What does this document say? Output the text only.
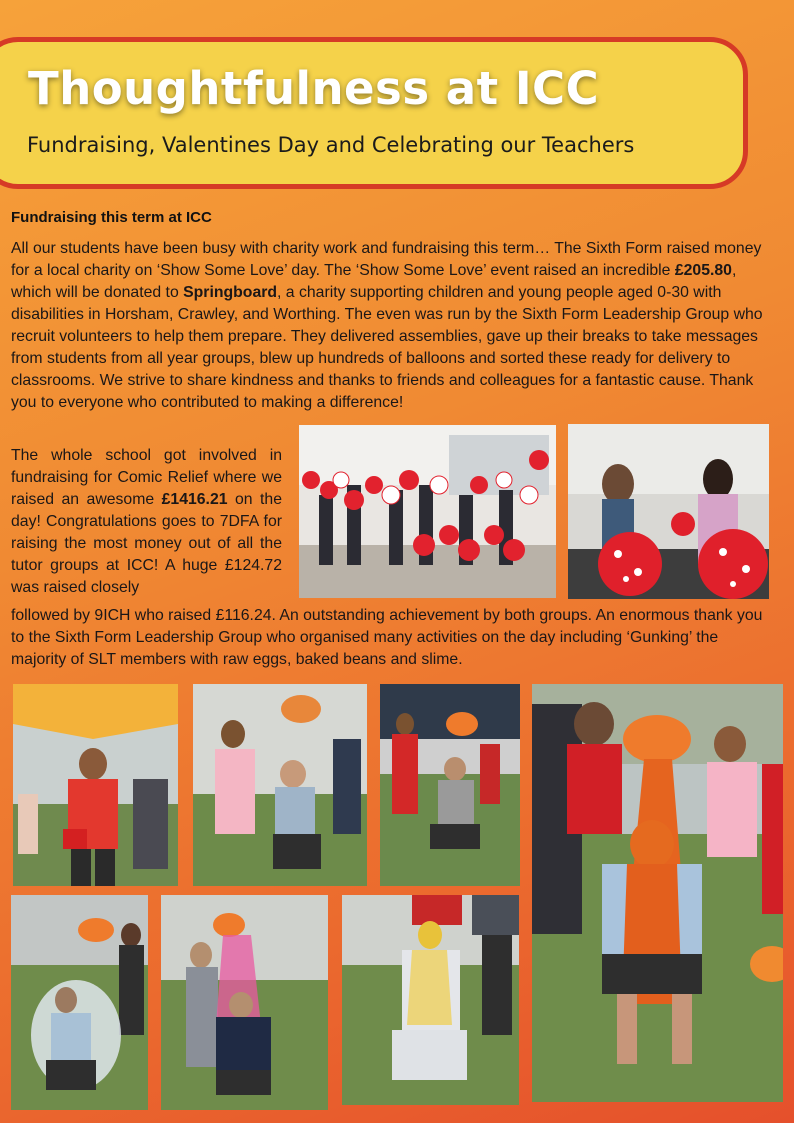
Thoughtfulness at ICC

Fundraising, Valentines Day and Celebrating our Teachers

Fundraising this term at ICC

All our students have been busy with charity work and fundraising this term… The Sixth Form raised money for a local charity on ‘Show Some Love’ day. The ‘Show Some Love’ event raised an incredible £205.80, which will be donated to Springboard, a charity supporting children and young people aged 0-30 with disabilities in Horsham, Crawley, and Worthing. The even was run by the Sixth Form Leadership Group who recruit volunteers to help them prepare. They delivered assemblies, gave up their breaks to take messages from students from all year groups, blew up hundreds of balloons and sorted these ready for delivery to classrooms. We strive to share kindness and thanks to friends and colleagues for a fantastic cause. Thank you to everyone who contributed to making a difference!

The whole school got involved in fundraising for Comic Relief where we raised an awesome £1416.21 on the day! Congratulations goes to 7DFA for raising the most money out of all the tutor groups at ICC! A huge £124.72 was raised closely

followed by 9ICH who raised £116.24. An outstanding achievement by both groups. An enormous thank you to the Sixth Form Leadership Group who organised many activities on the day including ‘Gunking’ the majority of SLT members with raw eggs, baked beans and slime.
